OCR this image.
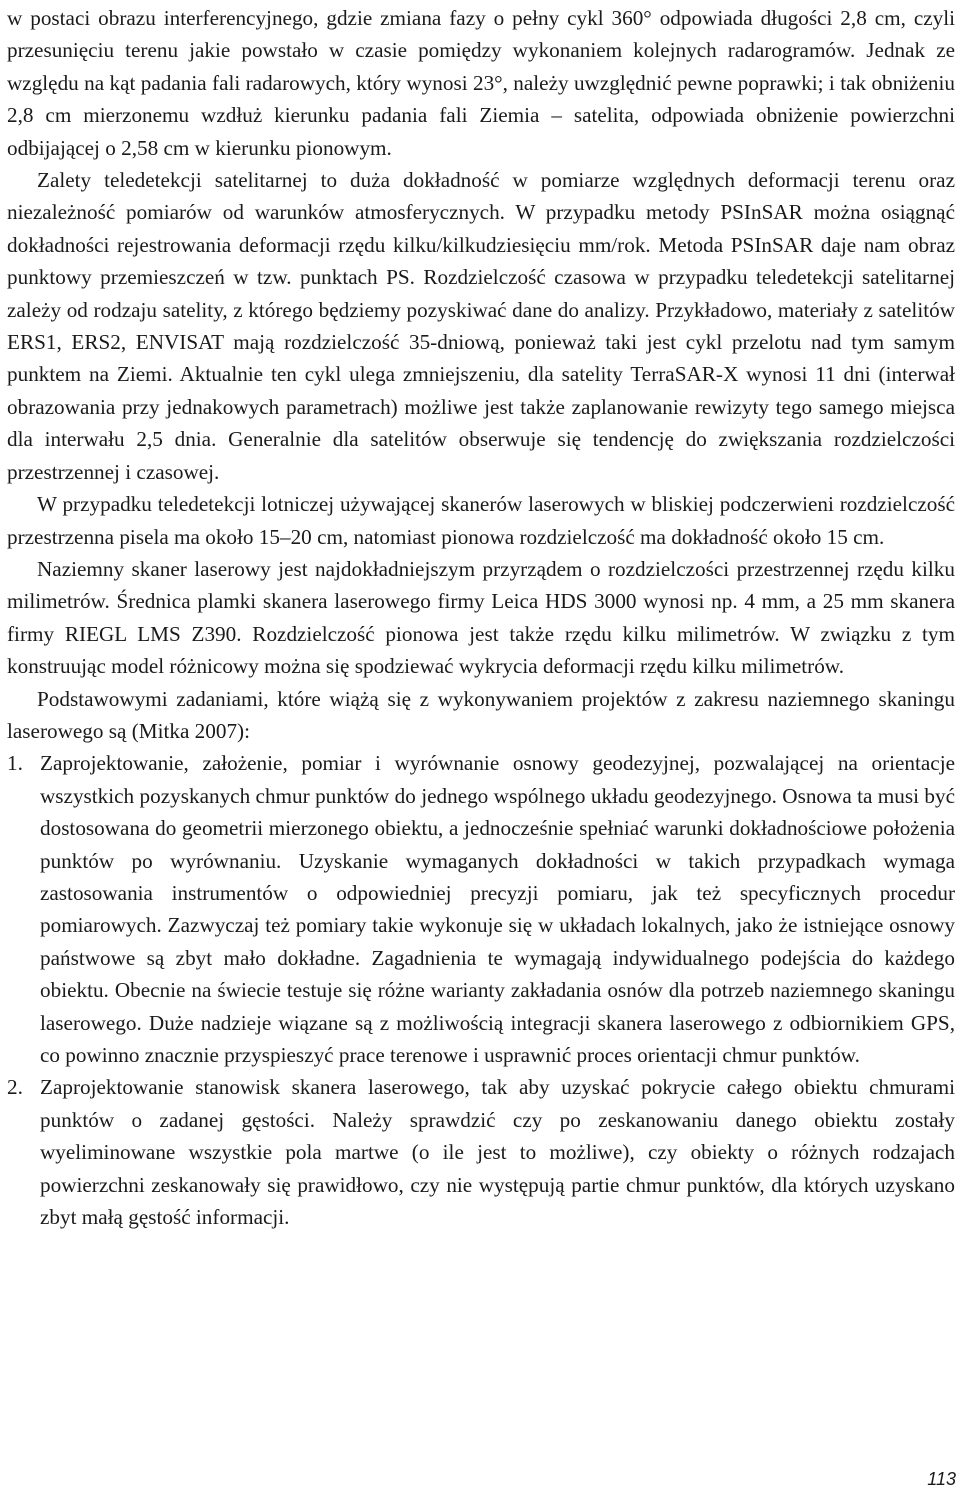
w postaci obrazu interferencyjnego, gdzie zmiana fazy o pełny cykl 360° odpowiada długości 2,8 cm, czyli przesunięciu terenu jakie powstało w czasie pomiędzy wykonaniem kolejnych radarogramów. Jednak ze względu na kąt padania fali radarowych, który wynosi 23°, należy uwzględnić pewne poprawki; i tak obniżeniu 2,8 cm mierzonemu wzdłuż kierunku padania fali Ziemia – satelita, odpowiada obniżenie powierzchni odbijającej o 2,58 cm w kierunku pionowym.

Zalety teledetekcji satelitarnej to duża dokładność w pomiarze względnych deformacji terenu oraz niezależność pomiarów od warunków atmosferycznych. W przypadku metody PSInSAR można osiągnąć dokładności rejestrowania deformacji rzędu kilku/kilkudziesięciu mm/rok. Metoda PSInSAR daje nam obraz punktowy przemieszczeń w tzw. punktach PS. Rozdzielczość czasowa w przypadku teledetekcji satelitarnej zależy od rodzaju satelity, z którego będziemy pozyskiwać dane do analizy. Przykładowo, materiały z satelitów ERS1, ERS2, ENVISAT mają rozdzielczość 35-dniową, ponieważ taki jest cykl przelotu nad tym samym punktem na Ziemi. Aktualnie ten cykl ulega zmniejszeniu, dla satelity TerraSAR-X wynosi 11 dni (interwał obrazowania przy jednakowych parametrach) możliwe jest także zaplanowanie rewizyty tego samego miejsca dla interwału 2,5 dnia. Generalnie dla satelitów obserwuje się tendencję do zwiększania rozdzielczości przestrzennej i czasowej.

W przypadku teledetekcji lotniczej używającej skanerów laserowych w bliskiej podczerwieni rozdzielczość przestrzenna pisela ma około 15–20 cm, natomiast pionowa rozdzielczość ma dokładność około 15 cm.

Naziemny skaner laserowy jest najdokładniejszym przyrządem o rozdzielczości przestrzennej rzędu kilku milimetrów. Średnica plamki skanera laserowego firmy Leica HDS 3000 wynosi np. 4 mm, a 25 mm skanera firmy RIEGL LMS Z390. Rozdzielczość pionowa jest także rzędu kilku milimetrów. W związku z tym konstruując model różnicowy można się spodziewać wykrycia deformacji rzędu kilku milimetrów.

Podstawowymi zadaniami, które wiążą się z wykonywaniem projektów z zakresu naziemnego skaningu laserowego są (Mitka 2007):

1. Zaprojektowanie, założenie, pomiar i wyrównanie osnowy geodezyjnej, pozwalającej na orientacje wszystkich pozyskanych chmur punktów do jednego wspólnego układu geodezyjnego. Osnowa ta musi być dostosowana do geometrii mierzonego obiektu, a jednocześnie spełniać warunki dokładnościowe położenia punktów po wyrównaniu. Uzyskanie wymaganych dokładności w takich przypadkach wymaga zastosowania instrumentów o odpowiedniej precyzji pomiaru, jak też specyficznych procedur pomiarowych. Zazwyczaj też pomiary takie wykonuje się w układach lokalnych, jako że istniejące osnowy państwowe są zbyt mało dokładne. Zagadnienia te wymagają indywidualnego podejścia do każdego obiektu. Obecnie na świecie testuje się różne warianty zakładania osnów dla potrzeb naziemnego skaningu laserowego. Duże nadzieje wiązane są z możliwością integracji skanera laserowego z odbiornikiem GPS, co powinno znacznie przyspieszyć prace terenowe i usprawnić proces orientacji chmur punktów.
2. Zaprojektowanie stanowisk skanera laserowego, tak aby uzyskać pokrycie całego obiektu chmurami punktów o zadanej gęstości. Należy sprawdzić czy po zeskanowaniu danego obiektu zostały wyeliminowane wszystkie pola martwe (o ile jest to możliwe), czy obiekty o różnych rodzajach powierzchni zeskanowały się prawidłowo, czy nie występują partie chmur punktów, dla których uzyskano zbyt małą gęstość informacji.
113
